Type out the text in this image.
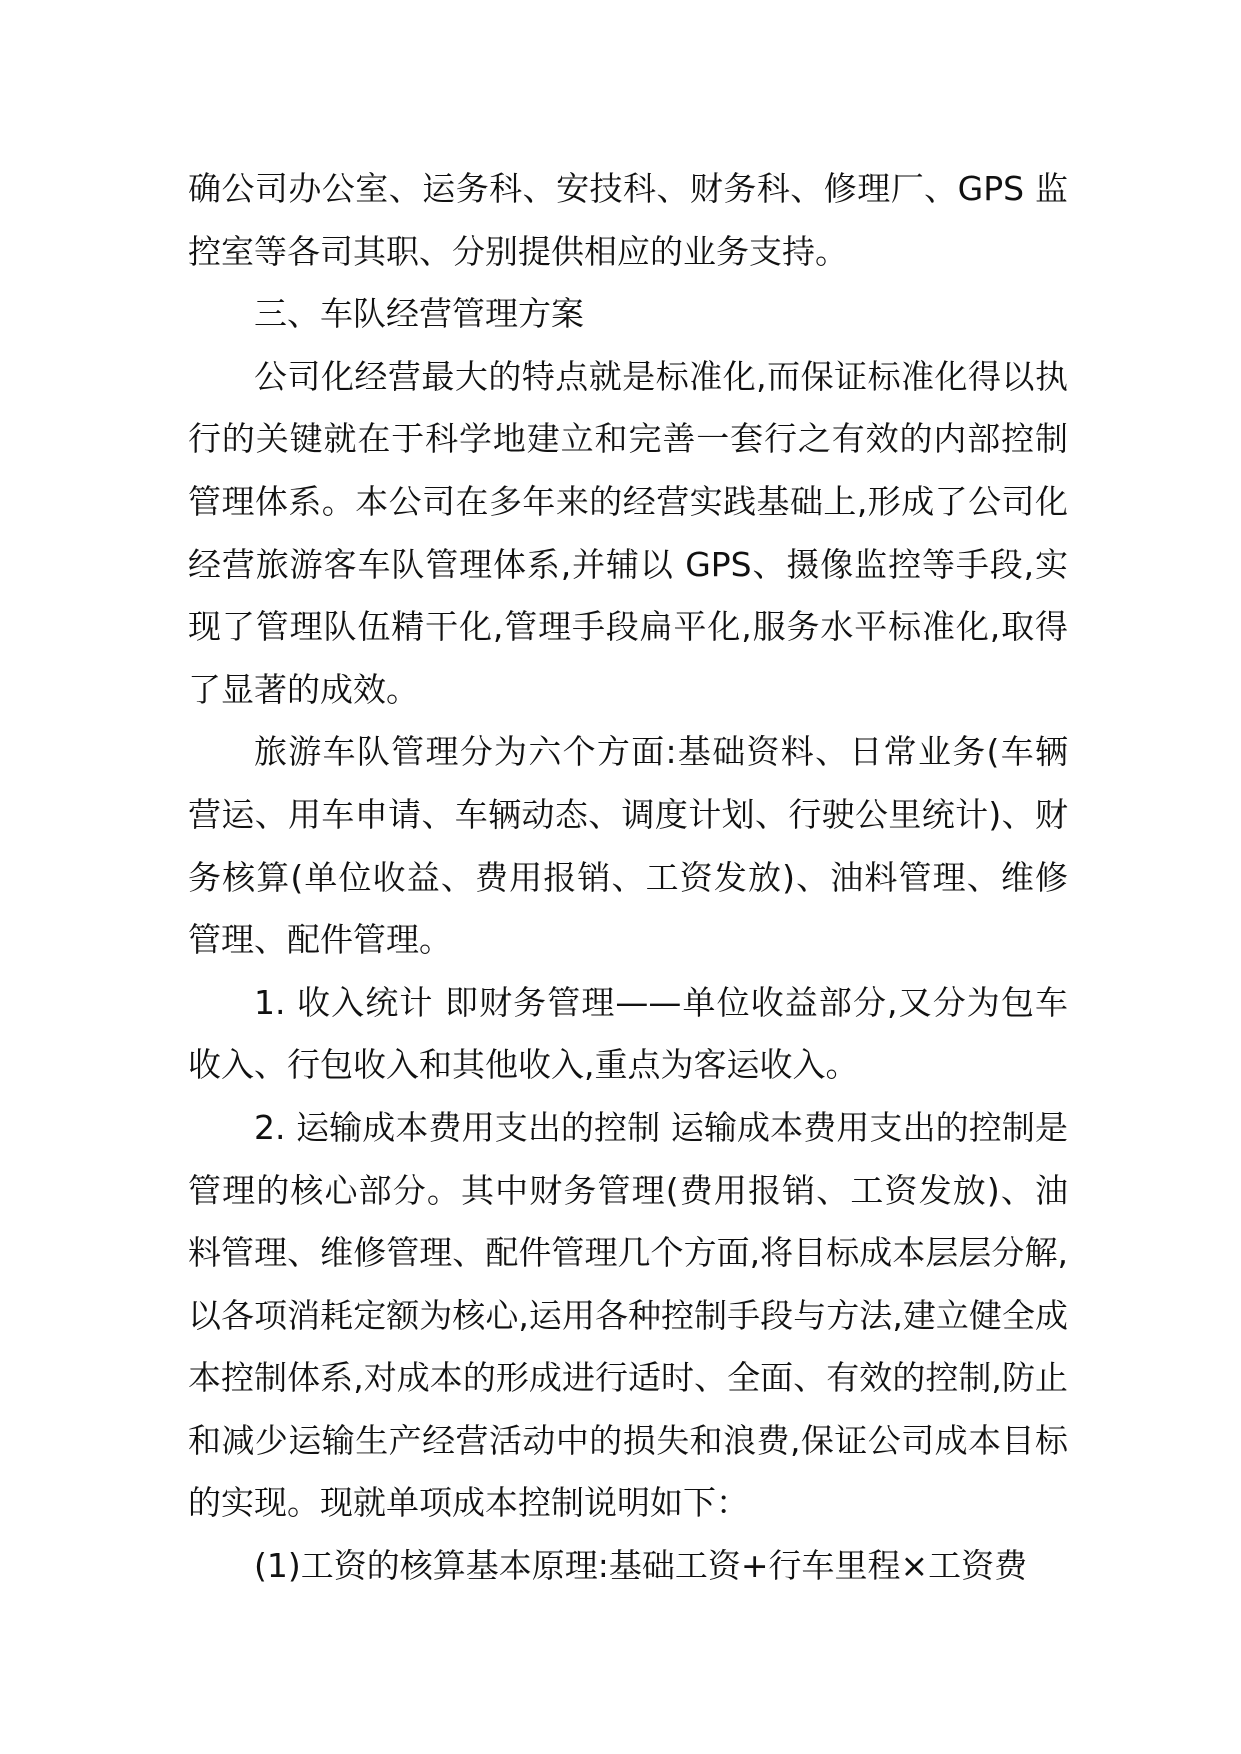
确公司办公室、运务科、安技科、财务科、修理厂、GPS 监控室等各司其职、分别提供相应的业务支持。

三、车队经营管理方案

公司化经营最大的特点就是标准化,而保证标准化得以执行的关键就在于科学地建立和完善一套行之有效的内部控制管理体系。本公司在多年来的经营实践基础上,形成了公司化经营旅游客车队管理体系,并辅以 GPS、摄像监控等手段,实现了管理队伍精干化,管理手段扁平化,服务水平标准化,取得了显著的成效。

旅游车队管理分为六个方面:基础资料、日常业务(车辆营运、用车申请、车辆动态、调度计划、行驶公里统计)、财务核算(单位收益、费用报销、工资发放)、油料管理、维修管理、配件管理。

1. 收入统计 即财务管理——单位收益部分,又分为包车收入、行包收入和其他收入,重点为客运收入。

2. 运输成本费用支出的控制 运输成本费用支出的控制是管理的核心部分。其中财务管理(费用报销、工资发放)、油料管理、维修管理、配件管理几个方面,将目标成本层层分解,以各项消耗定额为核心,运用各种控制手段与方法,建立健全成本控制体系,对成本的形成进行适时、全面、有效的控制,防止和减少运输生产经营活动中的损失和浪费,保证公司成本目标的实现。现就单项成本控制说明如下：

(1)工资的核算基本原理:基础工资+行车里程×工资费
